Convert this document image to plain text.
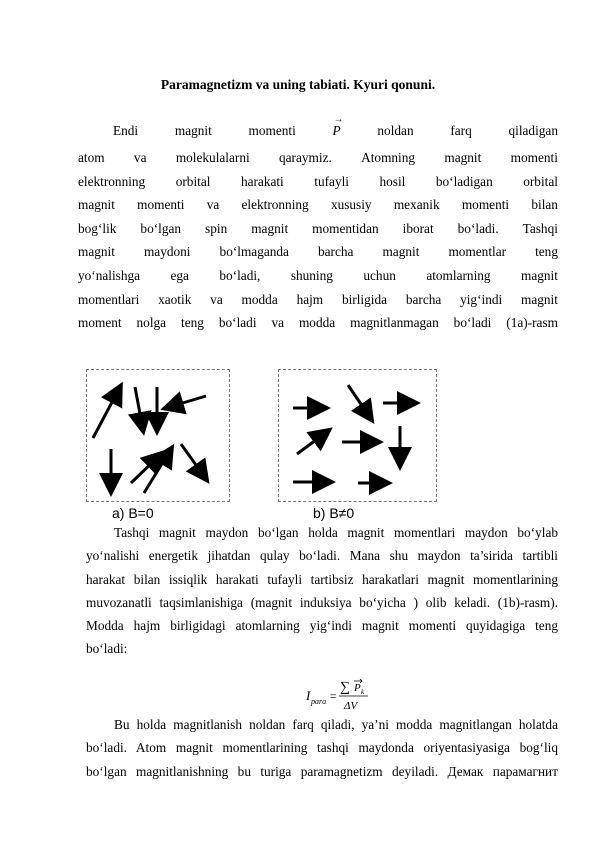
Paramagnetizm va uning tabiati. Kyuri qonuni.
Endi	magnit	momenti
→	P	noldan	farq	qiladigan
atom va molekulalarni qaraymiz. Atomning magnit momenti
elektronning orbital harakati tufayli hosil bo‘ladigan orbital
magnit momenti va elektronning xususiy mexanik momenti bilan
bog‘lik bo‘lgan spin magnit momentidan iborat bo‘ladi. Tashqi
magnit maydoni bo‘lmaganda barcha magnit momentlar teng
yo‘nalishga ega bo‘ladi, shuning uchun atomlarning magnit
momentlari xaotik va modda hajm birligida barcha yig‘indi magnit
moment nolga teng bo‘ladi va modda magnitlanmagan bo‘ladi (1a)-rasm
a) B=0	b) B≠0
Tashqi magnit maydon bo‘lgan holda magnit momentlari maydon bo‘ylab
yo‘nalishi energetik jihatdan qulay bo‘ladi. Mana shu maydon ta’sirida tartibli
harakat bilan issiqlik harakati tufayli tartibsiz harakatlari magnit momentlarining
muvozanatli taqsimlanishiga (magnit induksiya bo‘yicha ) olib keladi. (1b)-rasm).
Modda hajm birligidagi atomlarning yig‘indi magnit momenti quyidagiga teng
bo‘ladi:
I para =
∑ P k
ΔV
Bu holda magnitlanish noldan farq qiladi, ya’ni modda magnitlangan holatda
bo‘ladi. Atom magnit momentlarining tashqi maydonda oriyentasiyasiga bog‘liq
bo‘lgan magnitlanishning bu turiga paramagnetizm deyiladi. Демак парамагнит
